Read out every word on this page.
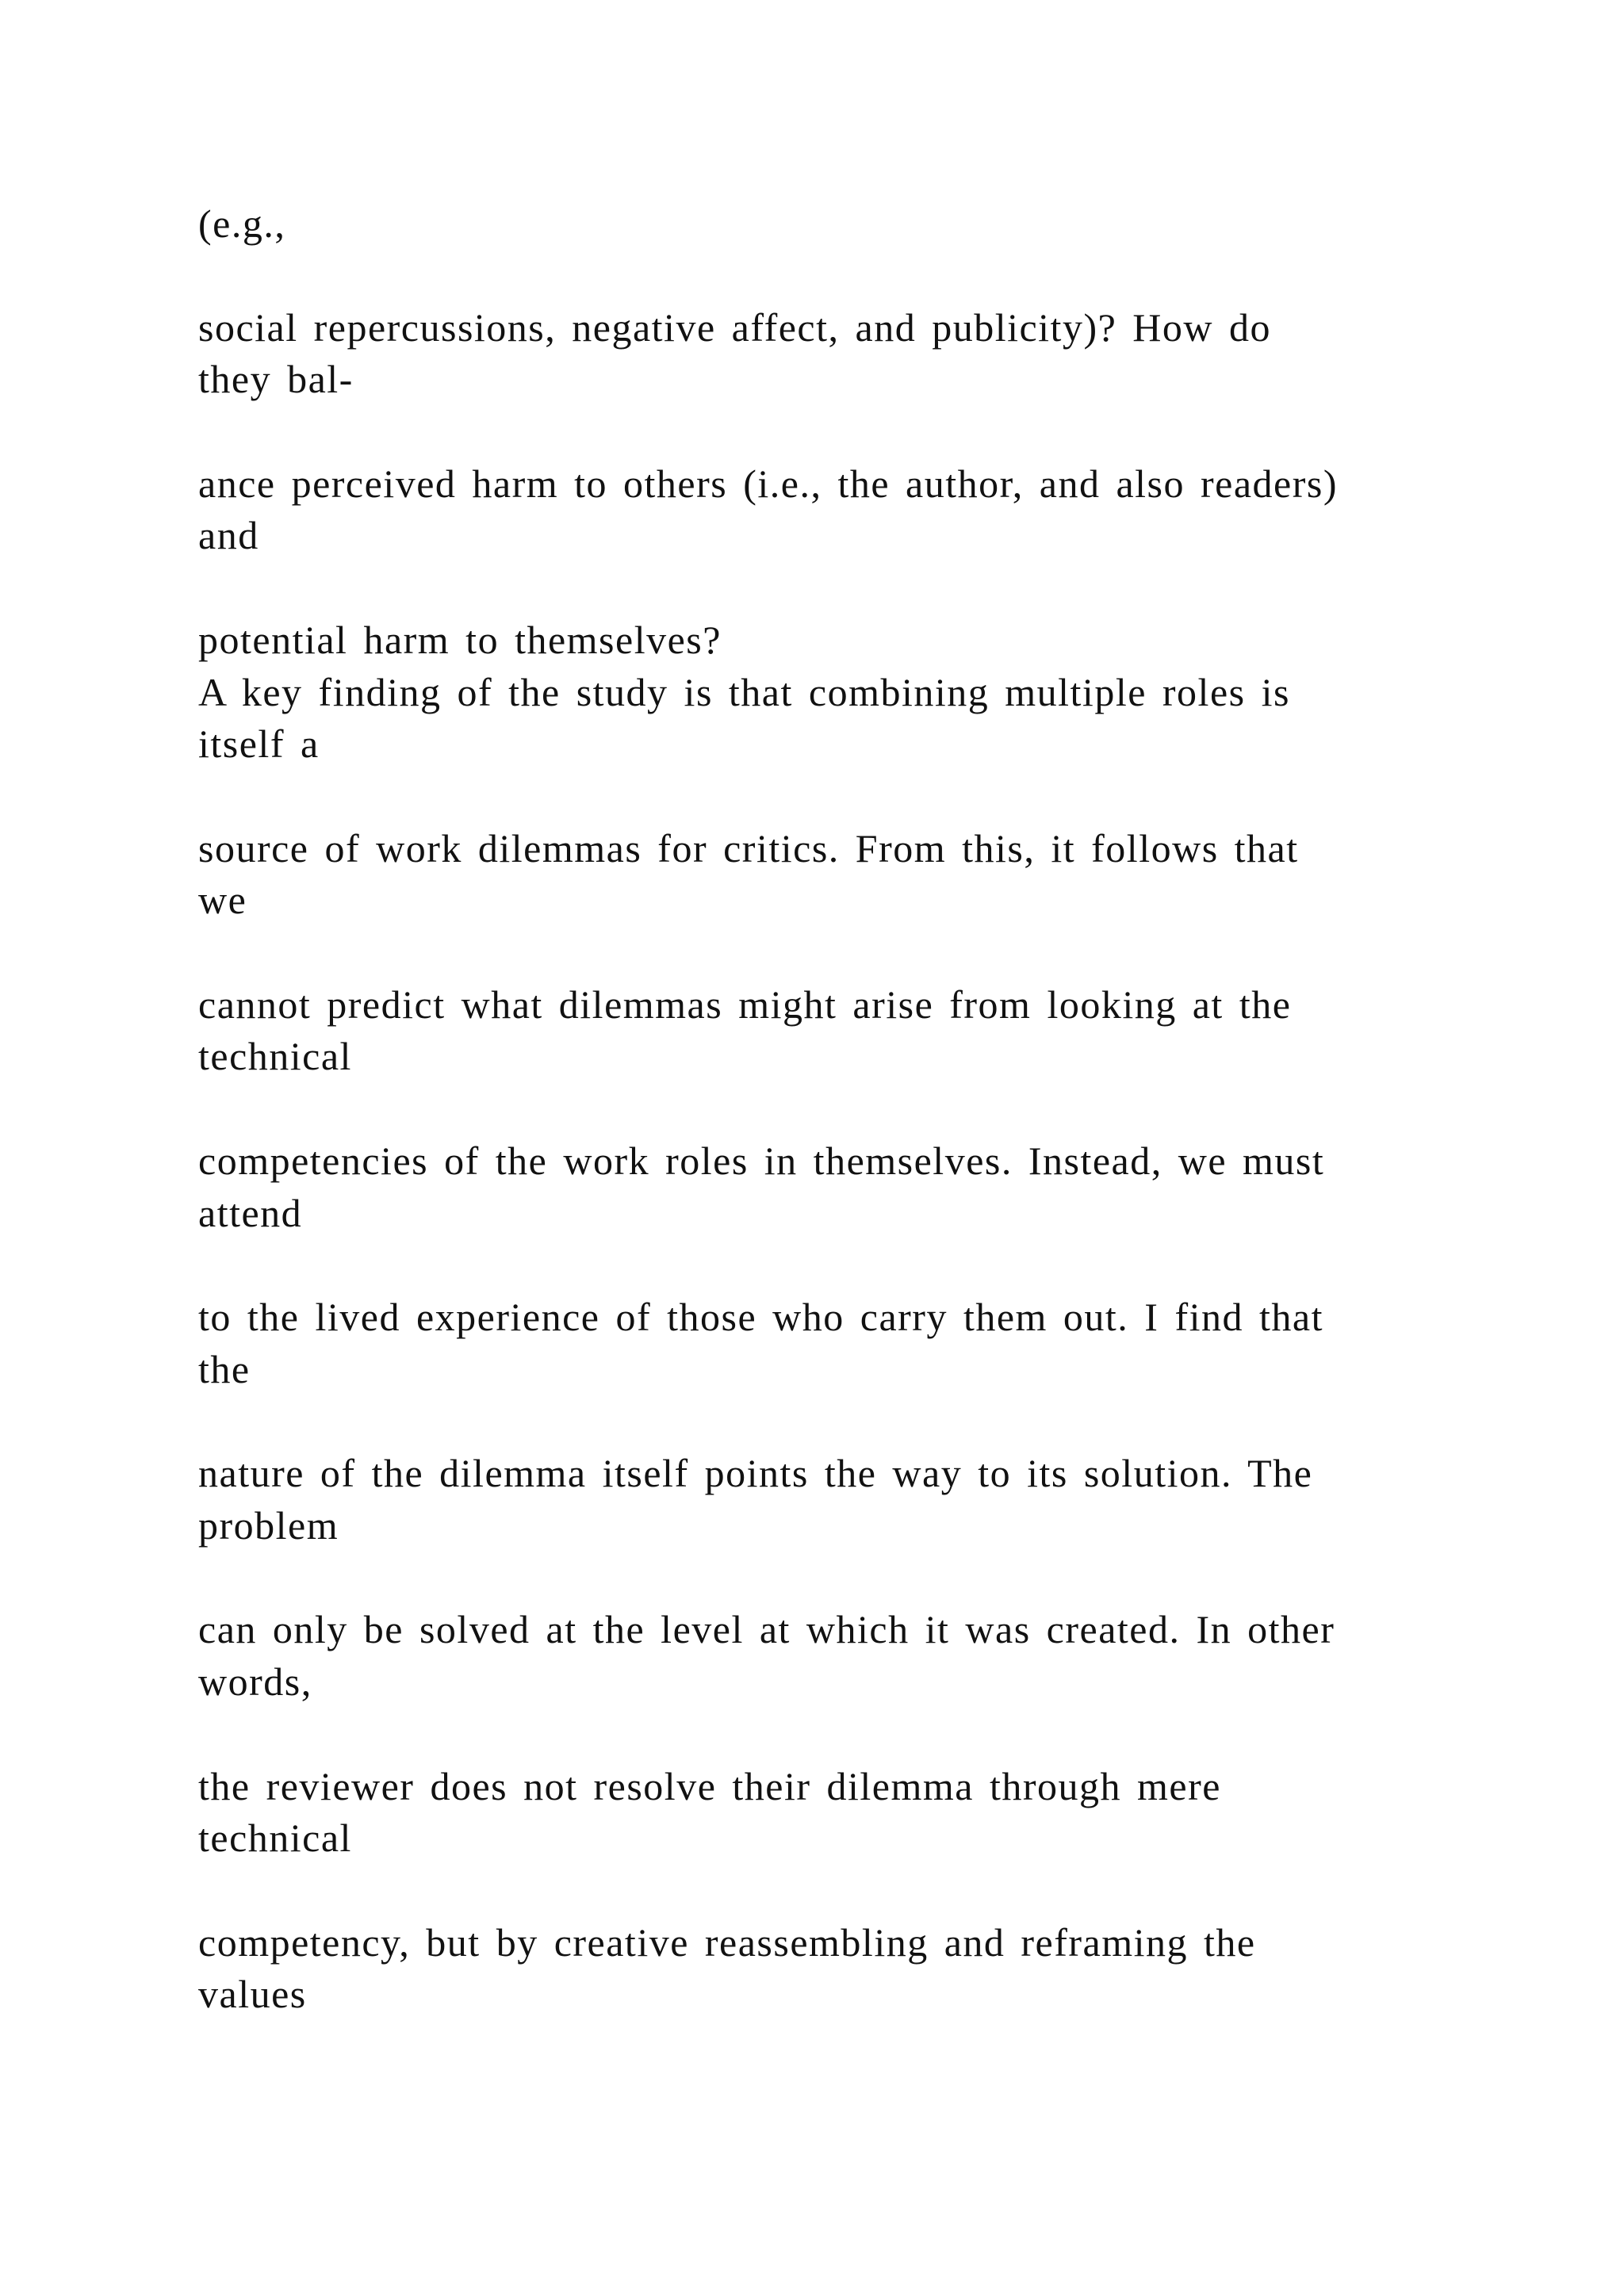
(e.g.,

social repercussions, negative affect, and publicity)? How do

they bal-

ance perceived harm to others (i.e., the author, and also readers)

and

potential harm to themselves?

A key finding of the study is that combining multiple roles is

itself a

source of work dilemmas for critics. From this, it follows that

we

cannot predict what dilemmas might arise from looking at the

technical

competencies of the work roles in themselves. Instead, we must

attend

to the lived experience of those who carry them out. I find that

the

nature of the dilemma itself points the way to its solution. The

problem

can only be solved at the level at which it was created. In other

words,

the reviewer does not resolve their dilemma through mere

technical

competency, but by creative reassembling and reframing the

values
